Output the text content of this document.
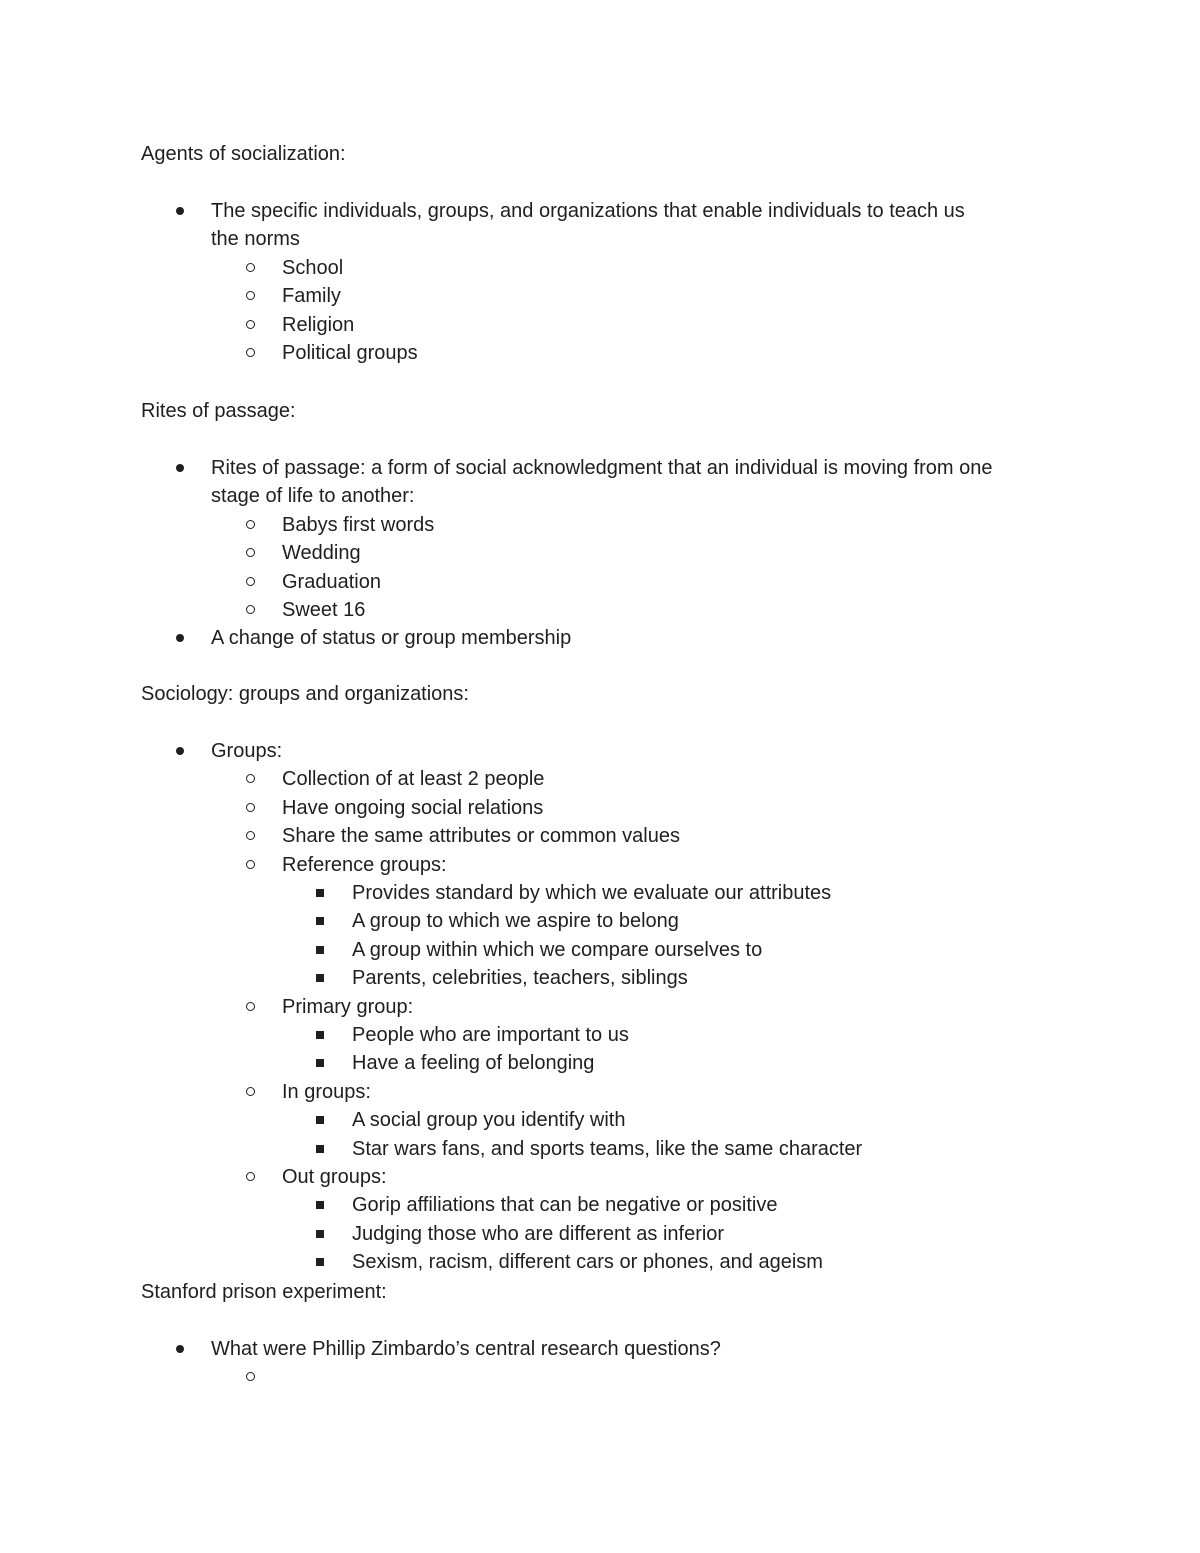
Agents of socialization:
The specific individuals, groups, and organizations that enable individuals to teach us
the norms
School
Family
Religion
Political groups
Rites of passage:
Rites of passage: a form of social acknowledgment that an individual is moving from one
stage of life to another:
Babys first words
Wedding
Graduation
Sweet 16
A change of status or group membership
Sociology: groups and organizations:
Groups:
Collection of at least 2 people
Have ongoing social relations
Share the same attributes or common values
Reference groups:
Provides standard by which we evaluate our attributes
A group to which we aspire to belong
A group within which we compare ourselves to
Parents, celebrities, teachers, siblings
Primary group:
People who are important to us
Have a feeling of belonging
In groups:
A social group you identify with
Star wars fans, and sports teams, like the same character
Out groups:
Gorip affiliations that can be negative or positive
Judging those who are different as inferior
Sexism, racism, different cars or phones, and ageism
Stanford prison experiment:
What were Phillip Zimbardo’s central research questions?
